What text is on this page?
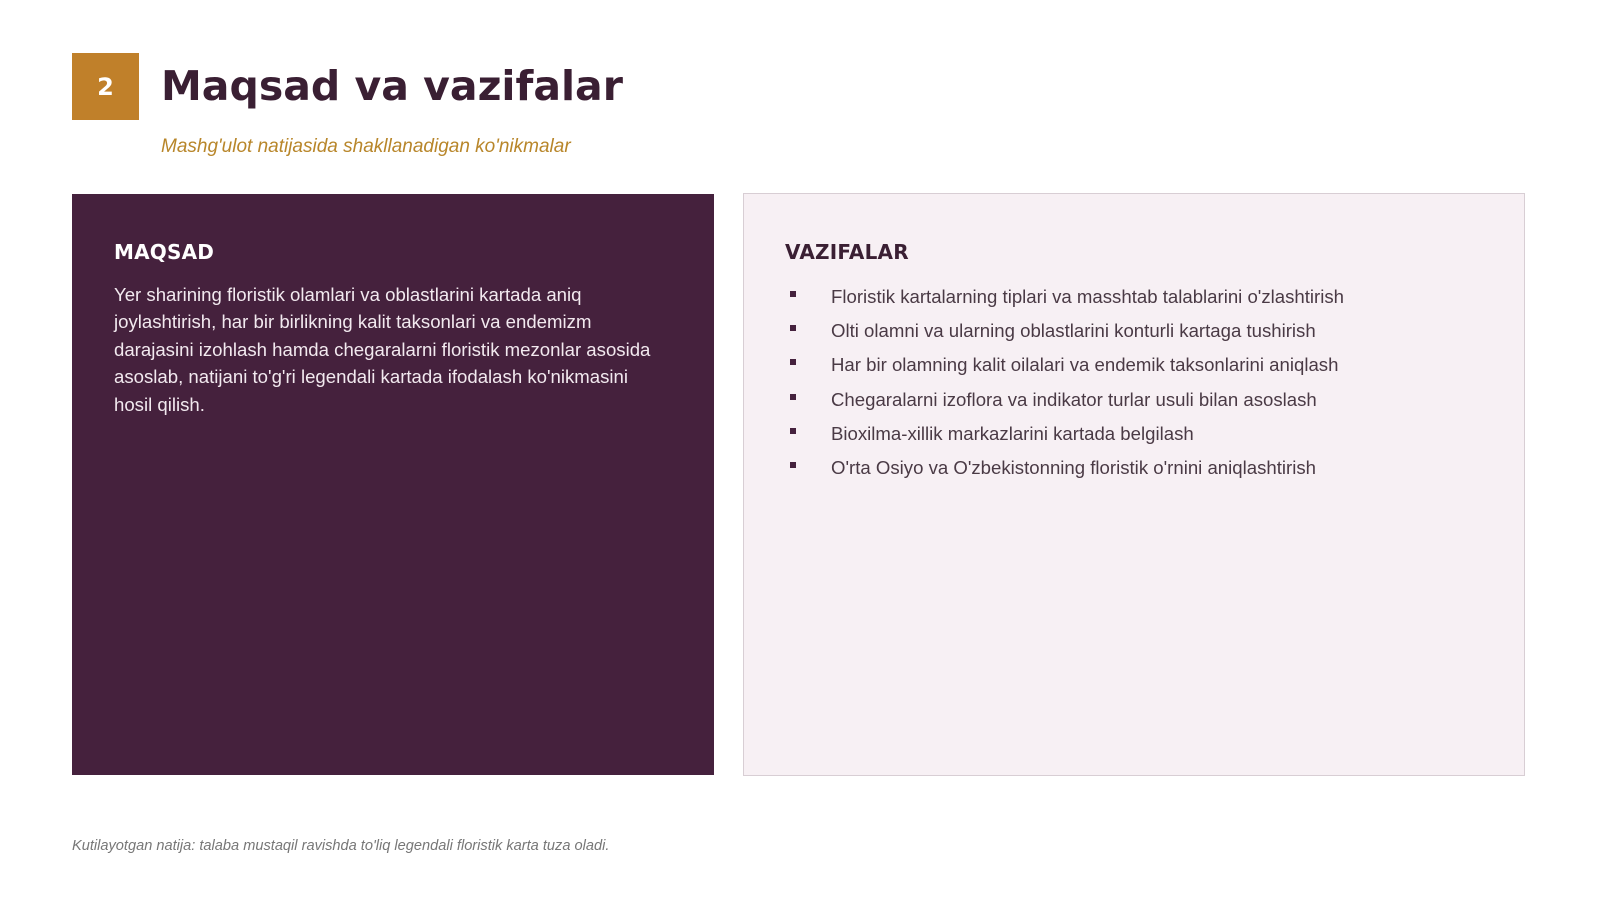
2	Maqsad va vazifalar

Mashg'ulot natijasida shakllanadigan ko'nikmalar

MAQSAD

Yer sharining floristik olamlari va oblastlarini kartada aniq joylashtirish, har bir birlikning kalit taksonlari va endemizm darajasini izohlash hamda chegaralarni floristik mezonlar asosida asoslab, natijani to'g'ri legendali kartada ifodalash ko'nikmasini hosil qilish.

VAZIFALAR
Floristik kartalarning tiplari va masshtab talablarini o'zlashtirish
Olti olamni va ularning oblastlarini konturli kartaga tushirish
Har bir olamning kalit oilalari va endemik taksonlarini aniqlash
Chegaralarni izoflora va indikator turlar usuli bilan asoslash
Bioxilma-xillik markazlarini kartada belgilash
O'rta Osiyo va O'zbekistonning floristik o'rnini aniqlashtirish

Kutilayotgan natija: talaba mustaqil ravishda to'liq legendali floristik karta tuza oladi.
